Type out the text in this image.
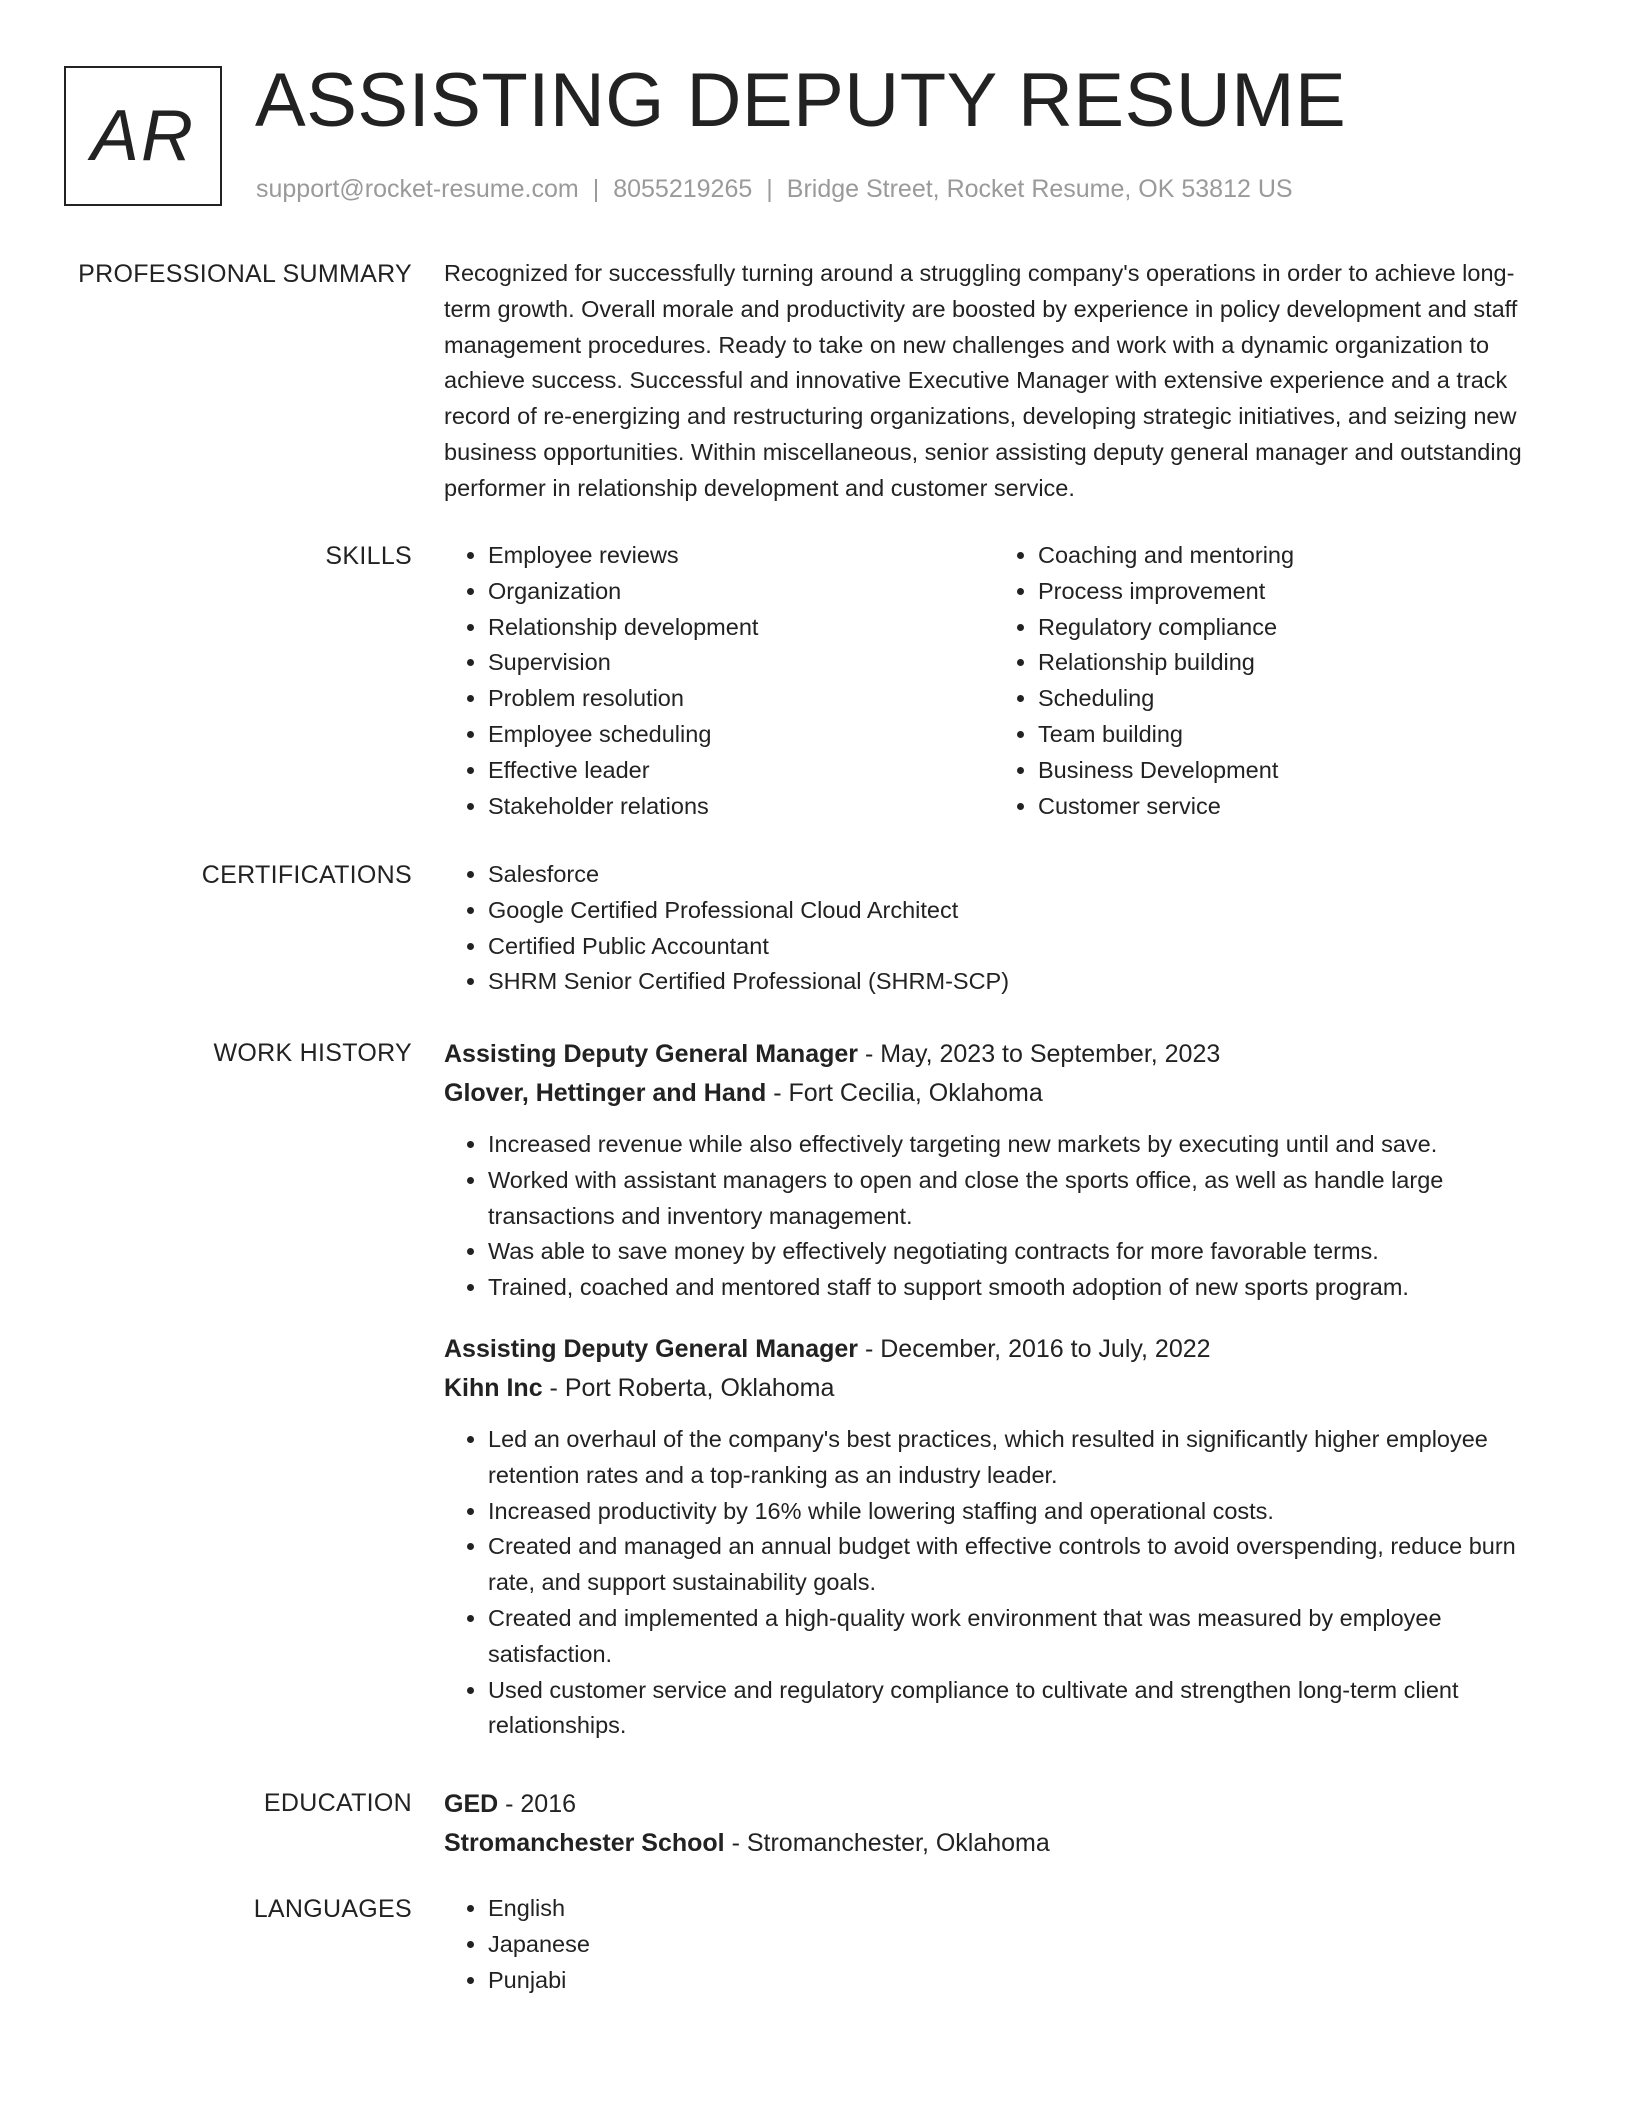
AR ASSISTING DEPUTY RESUME
support@rocket-resume.com | 8055219265 | Bridge Street, Rocket Resume, OK 53812 US
PROFESSIONAL SUMMARY Recognized for successfully turning around a struggling company's operations in order to achieve long-term growth. Overall morale and productivity are boosted by experience in policy development and staff management procedures. Ready to take on new challenges and work with a dynamic organization to achieve success. Successful and innovative Executive Manager with extensive experience and a track record of re-energizing and restructuring organizations, developing strategic initiatives, and seizing new business opportunities. Within miscellaneous, senior assisting deputy general manager and outstanding performer in relationship development and customer service.

SKILLS	• Employee reviews
• Organization
• Relationship development
• Supervision
• Problem resolution
• Employee scheduling
• Effective leader
• Stakeholder relations
• Coaching and mentoring
• Process improvement
• Regulatory compliance
• Relationship building
• Scheduling
• Team building
• Business Development
• Customer service
CERTIFICATIONS	• Salesforce
• Google Certified Professional Cloud Architect
• Certified Public Accountant
• SHRM Senior Certified Professional (SHRM-SCP)
WORK HISTORY Assisting Deputy General Manager - May, 2023 to September, 2023
Glover, Hettinger and Hand - Fort Cecilia, Oklahoma
• Increased revenue while also effectively targeting new markets by executing until and save.
• Worked with assistant managers to open and close the sports office, as well as handle large transactions and inventory management.
• Was able to save money by effectively negotiating contracts for more favorable terms.
• Trained, coached and mentored staff to support smooth adoption of new sports program.
Assisting Deputy General Manager - December, 2016 to July, 2022
Kihn Inc - Port Roberta, Oklahoma
• Led an overhaul of the company's best practices, which resulted in significantly higher employee retention rates and a top-ranking as an industry leader.
• Increased productivity by 16% while lowering staffing and operational costs.
• Created and managed an annual budget with effective controls to avoid overspending, reduce burn rate, and support sustainability goals.
• Created and implemented a high-quality work environment that was measured by employee satisfaction.
• Used customer service and regulatory compliance to cultivate and strengthen long-term client relationships.
EDUCATION GED - 2016
Stromanchester School - Stromanchester, Oklahoma
LANGUAGES	• English
• Japanese
• Punjabi
